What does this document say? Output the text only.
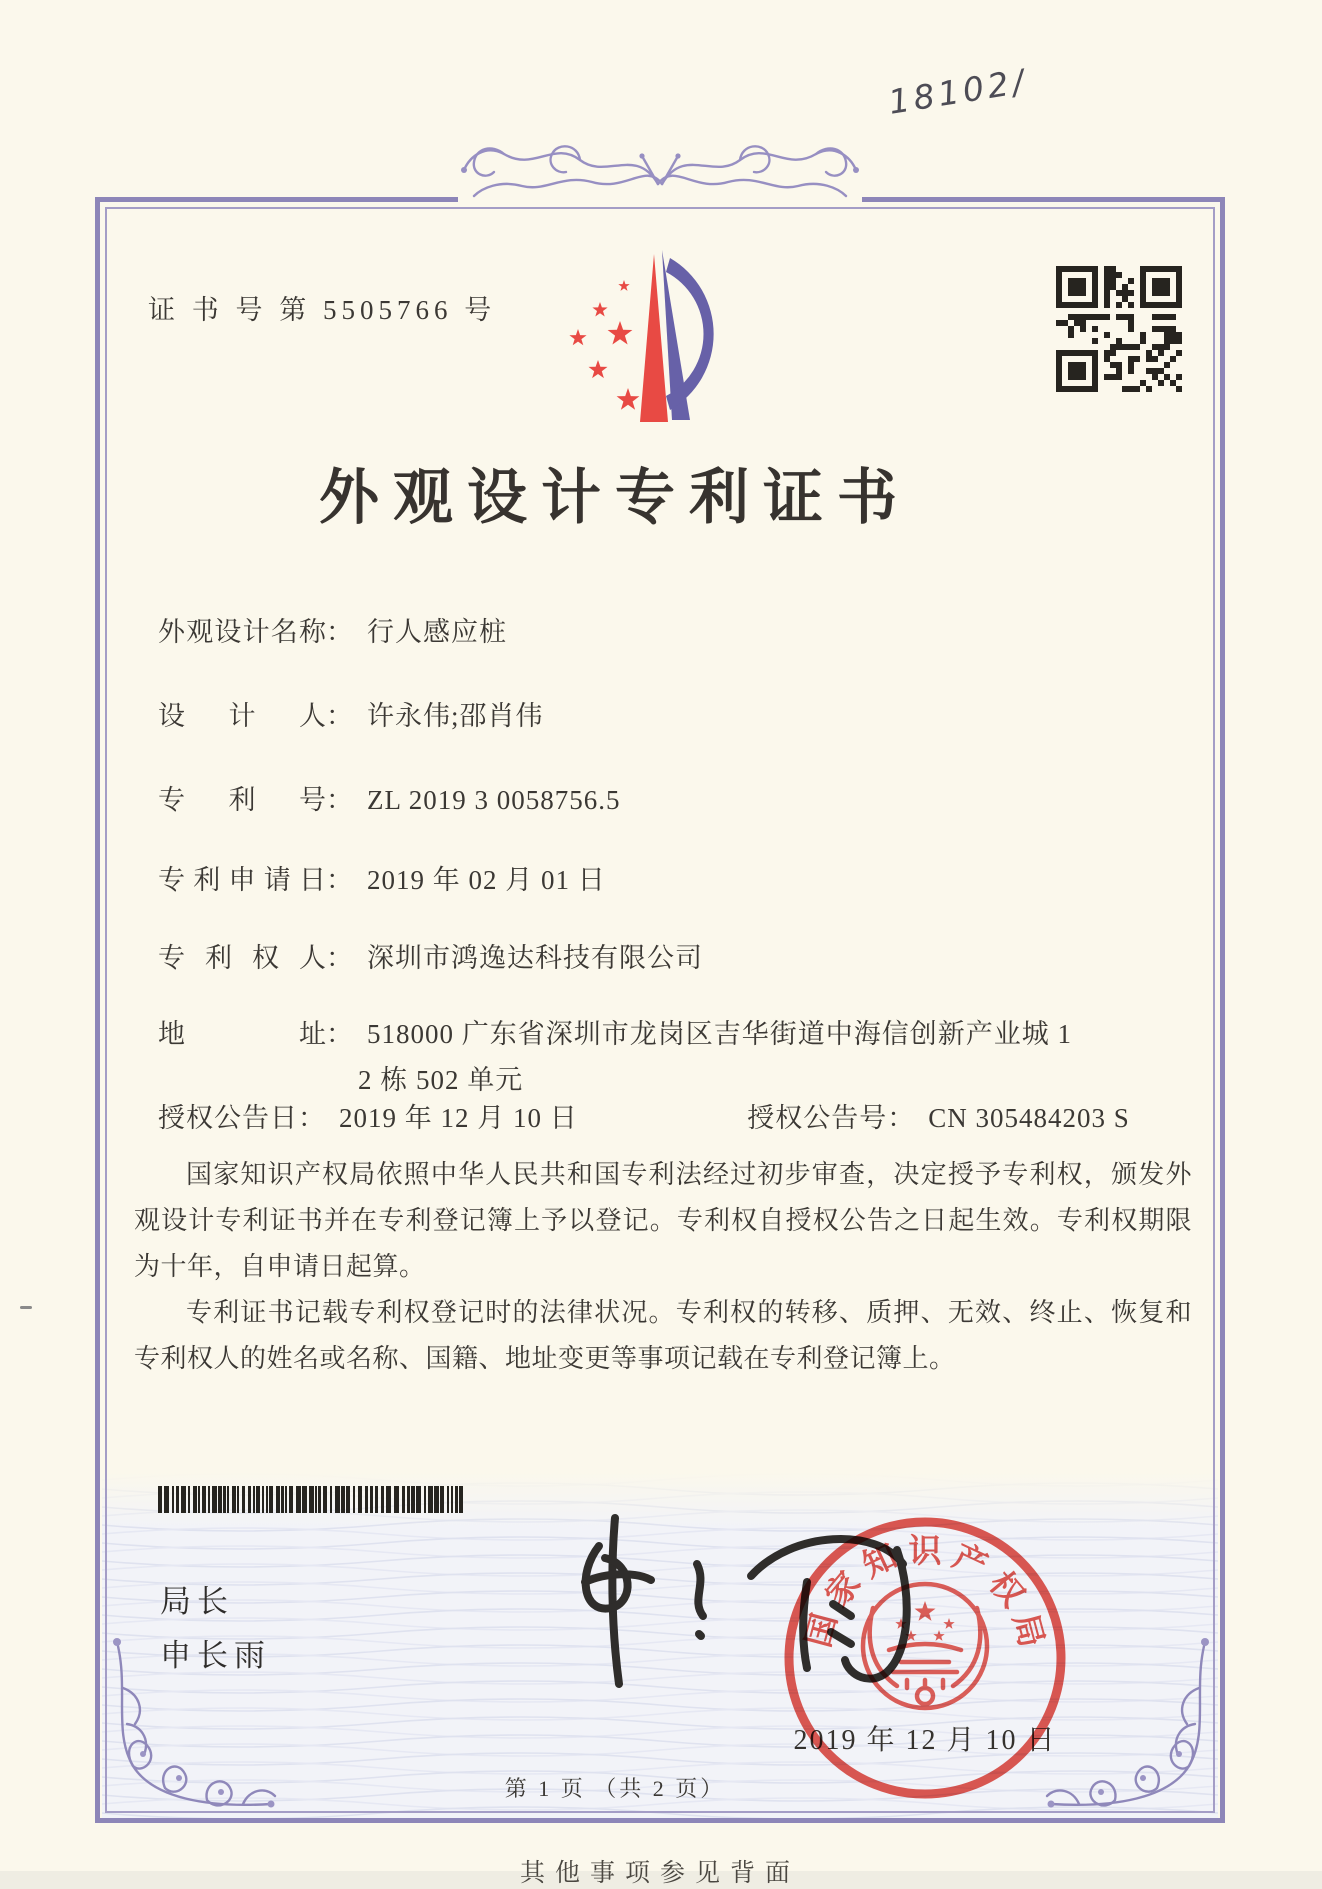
18102/
证 书 号 第 5505766 号
外观设计专利证书
外观设计名称： 行人感应桩
设计人： 许永伟;邵肖伟
专利号： ZL 2019 3 0058756.5
专利申请日： 2019 年 02 月 01 日
专利权人： 深圳市鸿逸达科技有限公司
地址： 518000 广东省深圳市龙岗区吉华街道中海信创新产业城 1
2 栋 502 单元
授权公告日： 2019 年 12 月 10 日	授权公告号： CN 305484203 S

国家知识产权局依照中华人民共和国专利法经过初步审查，决定授予专利权，颁发外观设计专利证书并在专利登记簿上予以登记。专利权自授权公告之日起生效。专利权期限为十年，自申请日起算。

专利证书记载专利权登记时的法律状况。专利权的转移、质押、无效、终止、恢复和专利权人的姓名或名称、国籍、地址变更等事项记载在专利登记簿上。

局长
申长雨
国
家
知 识 产
权
局
2019 年 12 月 10 日
第 1 页 （共 2 页）
其他事项参见背面
